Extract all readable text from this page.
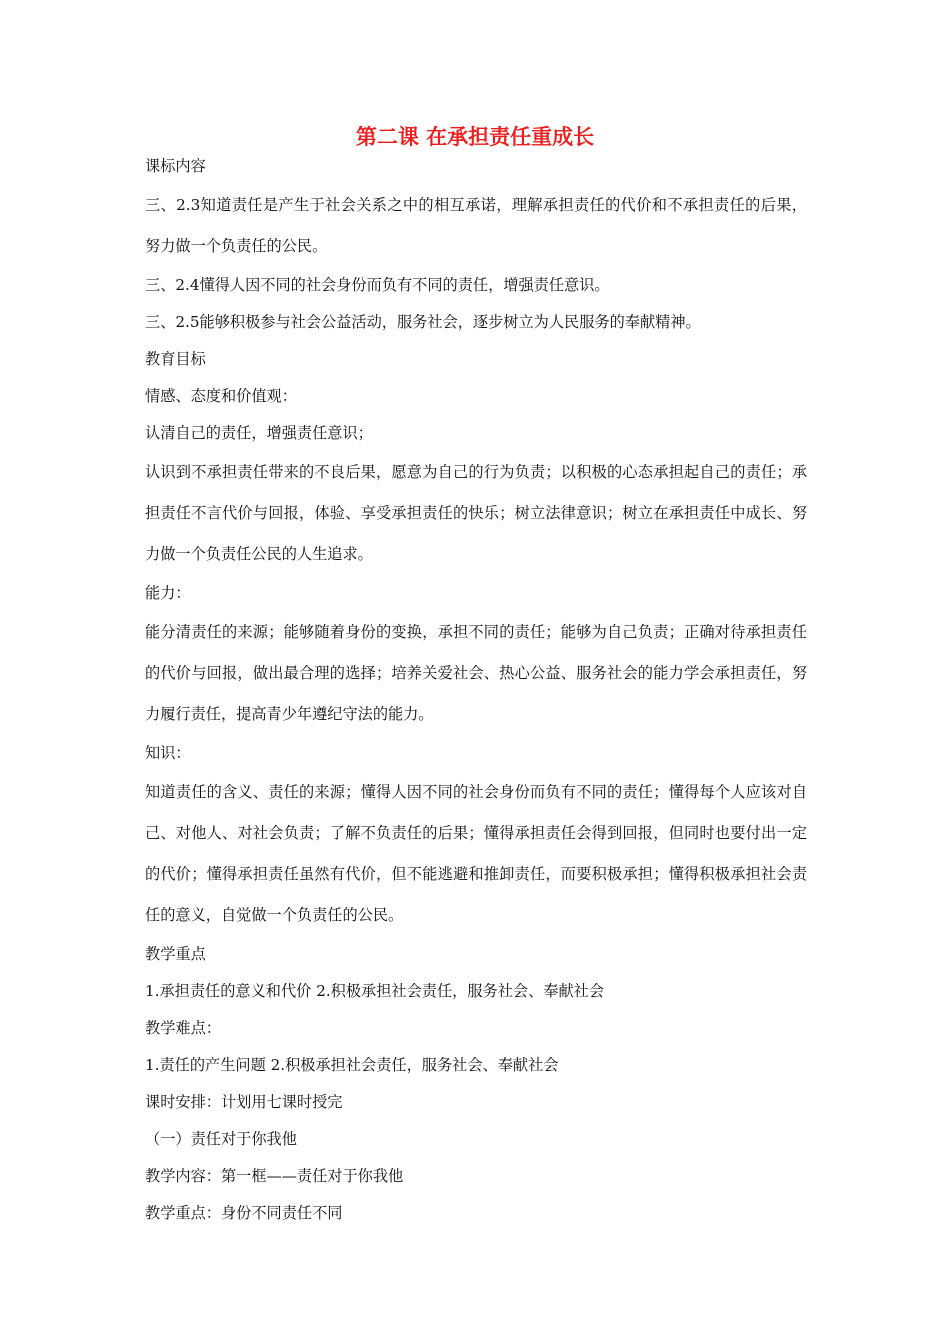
第二课 在承担责任重成长

课标内容

三、2.3知道责任是产生于社会关系之中的相互承诺，理解承担责任的代价和不承担责任的后果，努力做一个负责任的公民。

三、2.4懂得人因不同的社会身份而负有不同的责任，增强责任意识。

三、2.5能够积极参与社会公益活动，服务社会，逐步树立为人民服务的奉献精神。

教育目标

情感、态度和价值观：

认清自己的责任，增强责任意识；

认识到不承担责任带来的不良后果，愿意为自己的行为负责；以积极的心态承担起自己的责任；承担责任不言代价与回报，体验、享受承担责任的快乐；树立法律意识；树立在承担责任中成长、努力做一个负责任公民的人生追求。

能力：

能分清责任的来源；能够随着身份的变换，承担不同的责任；能够为自己负责；正确对待承担责任的代价与回报，做出最合理的选择；培养关爱社会、热心公益、服务社会的能力学会承担责任，努力履行责任，提高青少年遵纪守法的能力。

知识：

知道责任的含义、责任的来源；懂得人因不同的社会身份而负有不同的责任；懂得每个人应该对自己、对他人、对社会负责；了解不负责任的后果；懂得承担责任会得到回报，但同时也要付出一定的代价；懂得承担责任虽然有代价，但不能逃避和推卸责任，而要积极承担；懂得积极承担社会责任的意义，自觉做一个负责任的公民。

教学重点

1.承担责任的意义和代价 2.积极承担社会责任，服务社会、奉献社会

教学难点：

1.责任的产生问题 2.积极承担社会责任，服务社会、奉献社会

课时安排：计划用七课时授完

（一）责任对于你我他

教学内容：第一框——责任对于你我他

教学重点：身份不同责任不同
